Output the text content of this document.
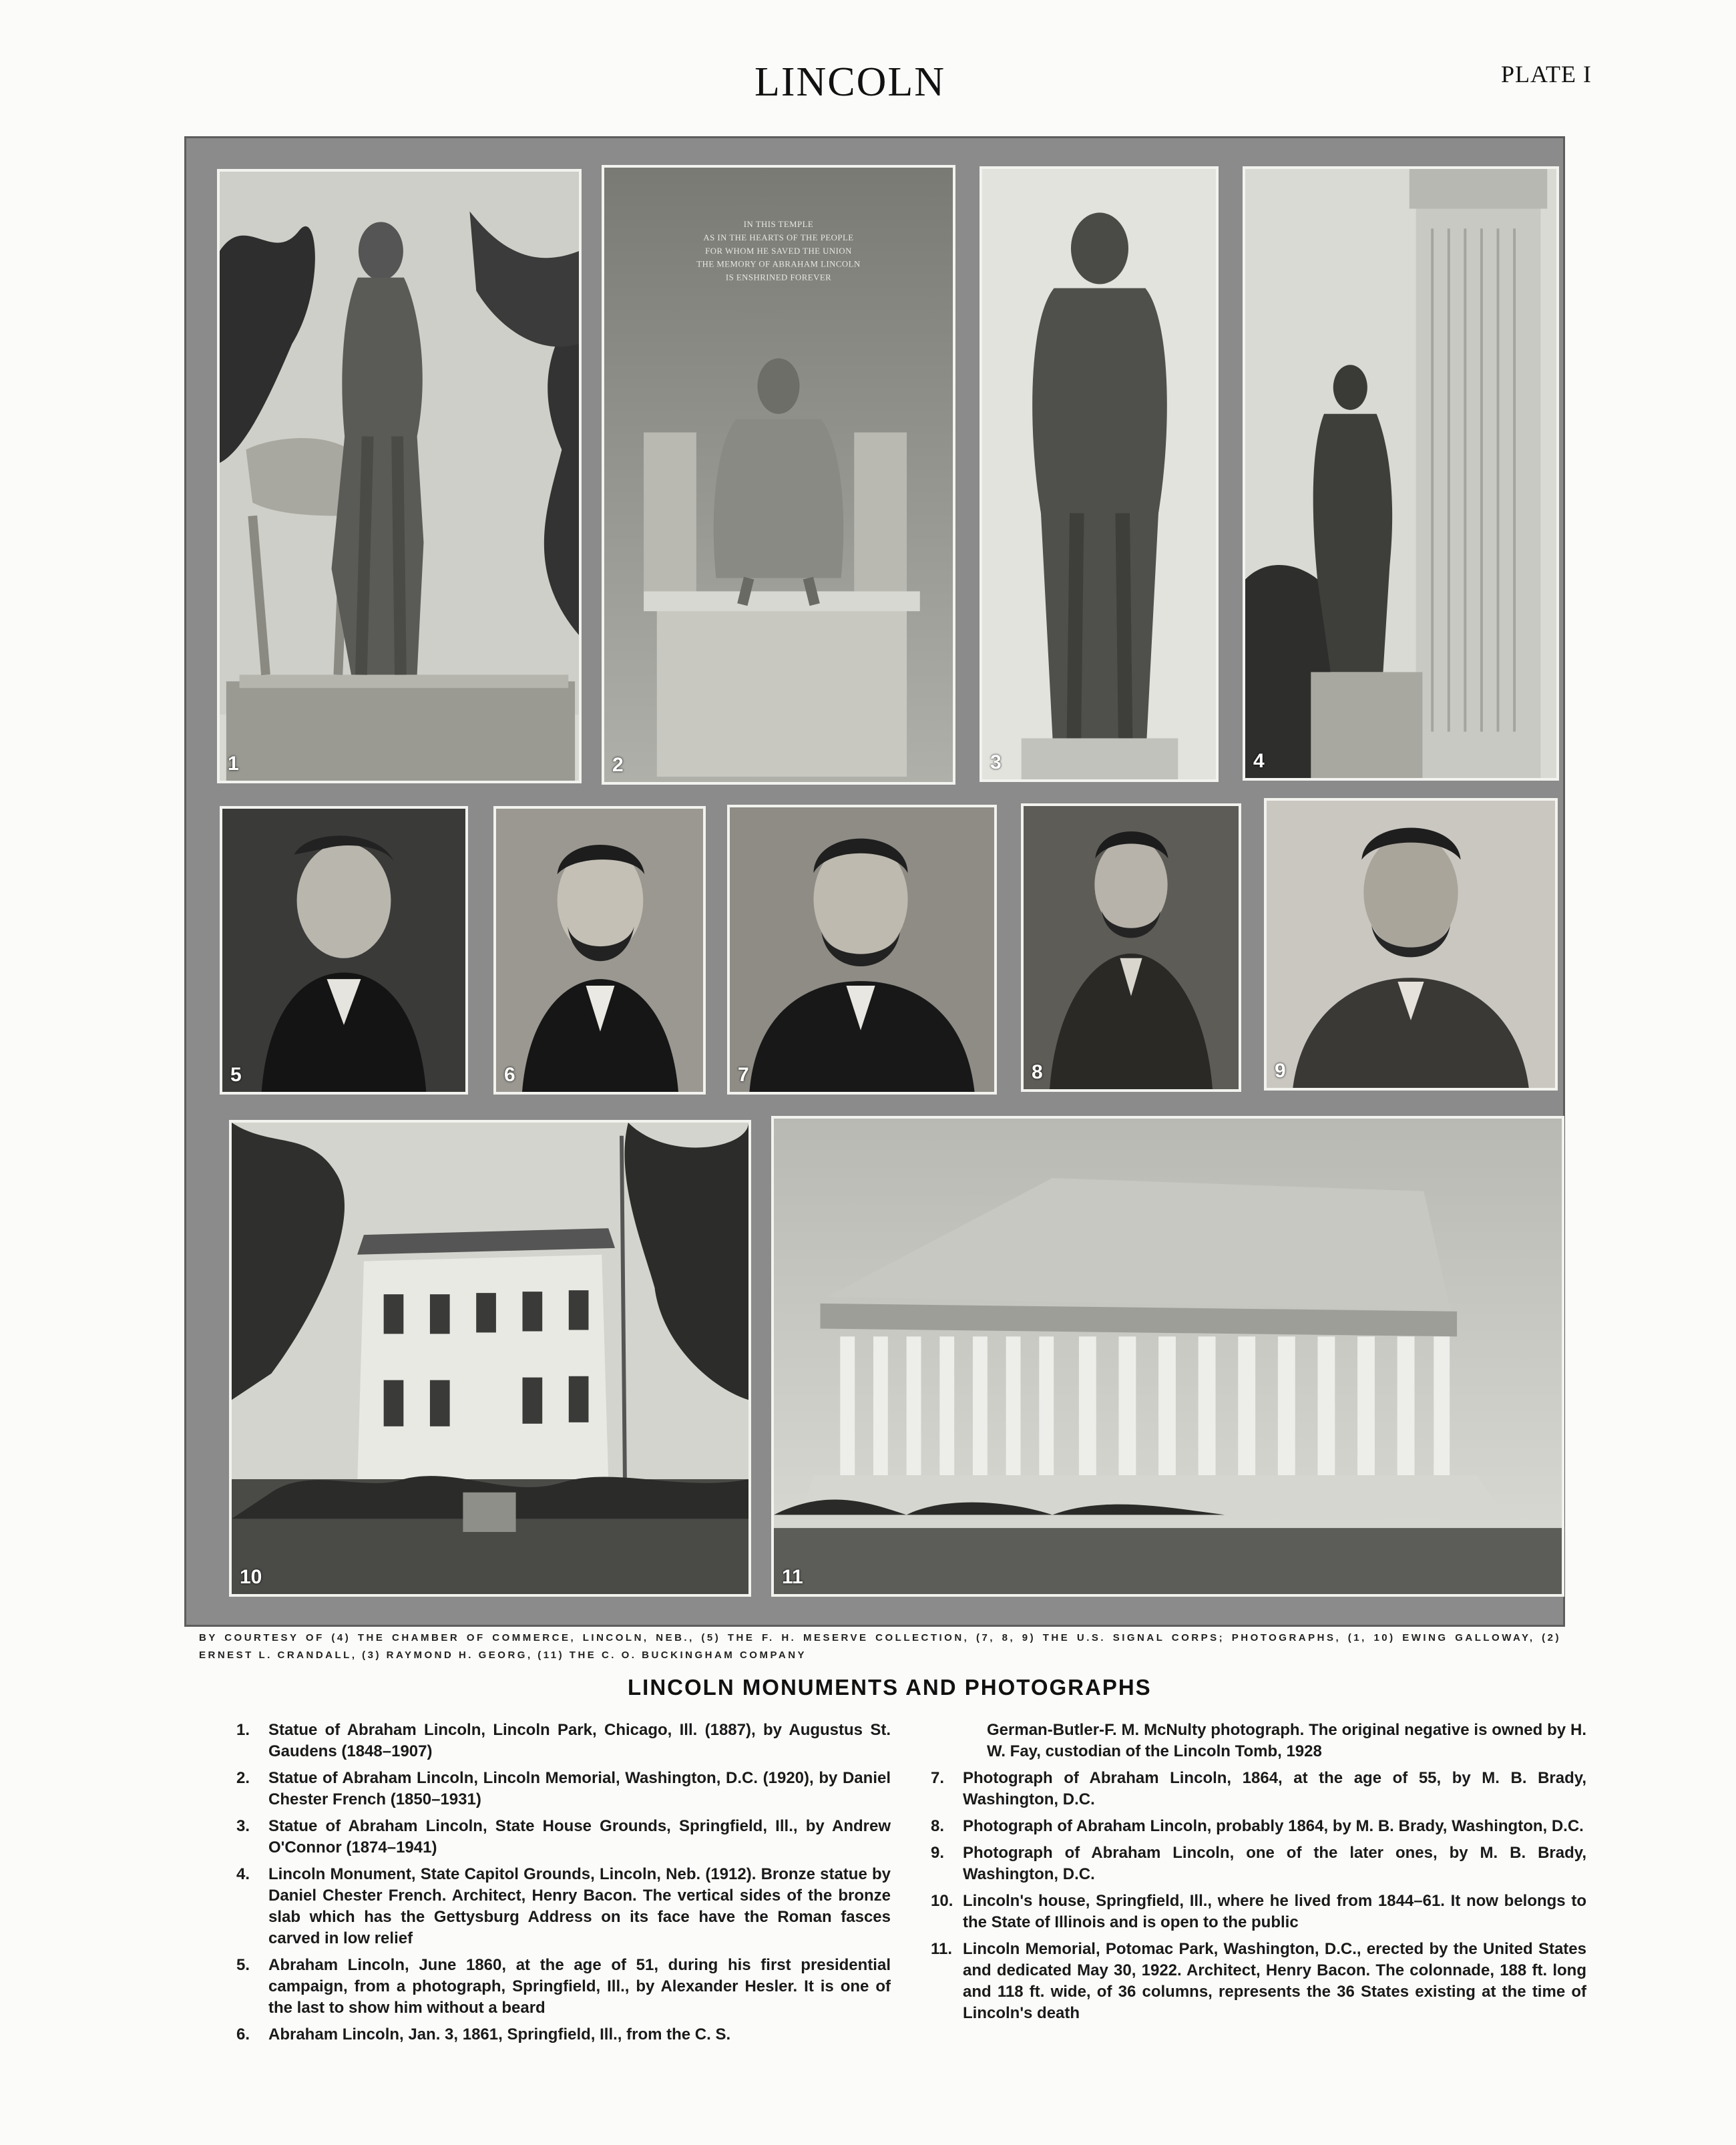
LINCOLN	PLATE I
1
IN THIS TEMPLE
AS IN THE HEARTS OF THE PEOPLE
FOR WHOM HE SAVED THE UNION
THE MEMORY OF ABRAHAM LINCOLN
IS ENSHRINED FOREVER
2	3	4
5	6	7	8	9
10	11
BY COURTESY OF (4) THE CHAMBER OF COMMERCE, LINCOLN, NEB., (5) THE F. H. MESERVE COLLECTION, (7, 8, 9) THE U.S. SIGNAL CORPS; PHOTOGRAPHS, (1, 10) EWING GALLOWAY, (2) ERNEST L. CRANDALL, (3) RAYMOND H. GEORG, (11) THE C. O. BUCKINGHAM COMPANY
LINCOLN MONUMENTS AND PHOTOGRAPHS
1. Statue of Abraham Lincoln, Lincoln Park, Chicago, Ill. (1887), by Augustus St. Gaudens (1848–1907)
2. Statue of Abraham Lincoln, Lincoln Memorial, Washington, D.C. (1920), by Daniel Chester French (1850–1931)
3. Statue of Abraham Lincoln, State House Grounds, Springfield, Ill., by Andrew O'Connor (1874–1941)
4. Lincoln Monument, State Capitol Grounds, Lincoln, Neb. (1912). Bronze statue by Daniel Chester French. Architect, Henry Bacon. The vertical sides of the bronze slab which has the Gettysburg Address on its face have the Roman fasces carved in low relief
5. Abraham Lincoln, June 1860, at the age of 51, during his first presidential campaign, from a photograph, Springfield, Ill., by Alexander Hesler. It is one of the last to show him without a beard
6. Abraham Lincoln, Jan. 3, 1861, Springfield, Ill., from the C. S.
German-Butler-F. M. McNulty photograph. The original negative is owned by H. W. Fay, custodian of the Lincoln Tomb, 1928
7. Photograph of Abraham Lincoln, 1864, at the age of 55, by M. B. Brady, Washington, D.C.
8. Photograph of Abraham Lincoln, probably 1864, by M. B. Brady, Washington, D.C.
9. Photograph of Abraham Lincoln, one of the later ones, by M. B. Brady, Washington, D.C.
10. Lincoln's house, Springfield, Ill., where he lived from 1844–61. It now belongs to the State of Illinois and is open to the public
11. Lincoln Memorial, Potomac Park, Washington, D.C., erected by the United States and dedicated May 30, 1922. Architect, Henry Bacon. The colonnade, 188 ft. long and 118 ft. wide, of 36 columns, represents the 36 States existing at the time of Lincoln's death
